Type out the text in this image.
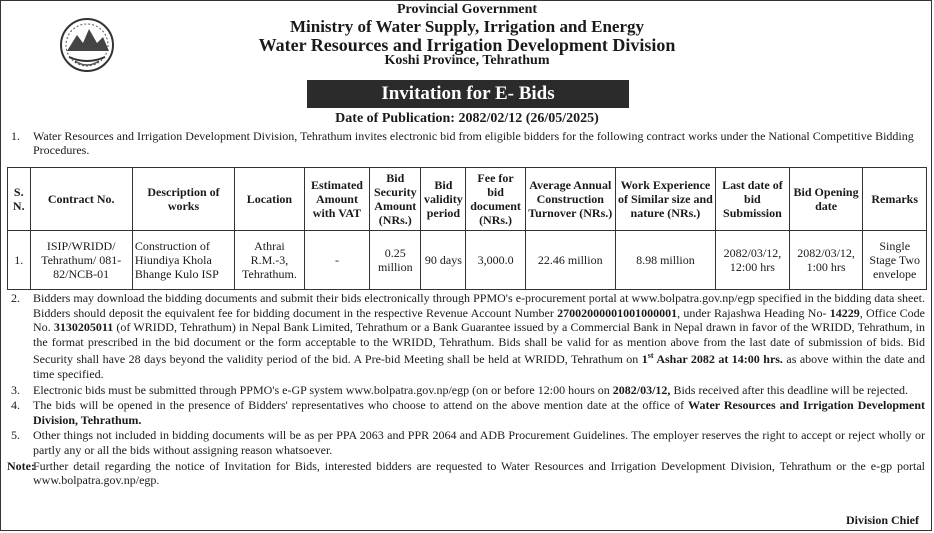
Provincial Government
Ministry of Water Supply, Irrigation and Energy
Water Resources and Irrigation Development Division
Koshi Province, Tehrathum
Invitation for E- Bids
Date of Publication: 2082/02/12 (26/05/2025)
1. Water Resources and Irrigation Development Division, Tehrathum invites electronic bid from eligible bidders for the following contract works under the National Competitive Bidding Procedures.
S. N.	Contract No.	Description of works	Location	Estimated Amount with VAT	Bid Security Amount (NRs.)	Bid validity period	Fee for bid document (NRs.)	Average Annual Construction Turnover (NRs.)	Work Experience of Similar size and nature (NRs.)	Last date of bid Submission	Bid Opening date	Remarks
1.	ISIP/WRIDD/ Tehrathum/ 081-82/NCB-01	Construction of Hiundiya Khola Bhange Kulo ISP	Athrai R.M.-3, Tehrathum.	-	0.25 million	90 days	3,000.0	22.46 million	8.98 million	2082/03/12, 12:00 hrs	2082/03/12, 1:00 hrs	Single Stage Two envelope
2. Bidders may download the bidding documents and submit their bids electronically through PPMO's e-procurement portal at www.bolpatra.gov.np/egp specified in the bidding data sheet. Bidders should deposit the equivalent fee for bidding document in the respective Revenue Account Number 27002000001001000001, under Rajashwa Heading No- 14229, Office Code No. 3130205011 (of WRIDD, Tehrathum) in Nepal Bank Limited, Tehrathum or a Bank Guarantee issued by a Commercial Bank in Nepal drawn in favor of the WRIDD, Tehrathum, in the format prescribed in the bid document or the form acceptable to the WRIDD, Tehrathum. Bids shall be valid for as mention above from the last date of submission of bids. Bid Security shall have 28 days beyond the validity period of the bid. A Pre-bid Meeting shall be held at WRIDD, Tehrathum on 1st Ashar 2082 at 14:00 hrs. as above within the date and time specified.
3. Electronic bids must be submitted through PPMO's e-GP system www.bolpatra.gov.np/egp (on or before 12:00 hours on 2082/03/12, Bids received after this deadline will be rejected.
4. The bids will be opened in the presence of Bidders' representatives who choose to attend on the above mention date at the office of Water Resources and Irrigation Development Division, Tehrathum.
5. Other things not included in bidding documents will be as per PPA 2063 and PPR 2064 and ADB Procurement Guidelines. The employer reserves the right to accept or reject wholly or partly any or all the bids without assigning reason whatsoever.
Note:
Further detail regarding the notice of Invitation for Bids, interested bidders are requested to Water Resources and Irrigation Development Division, Tehrathum or the e-gp portal www.bolpatra.gov.np/egp.
Division Chief
